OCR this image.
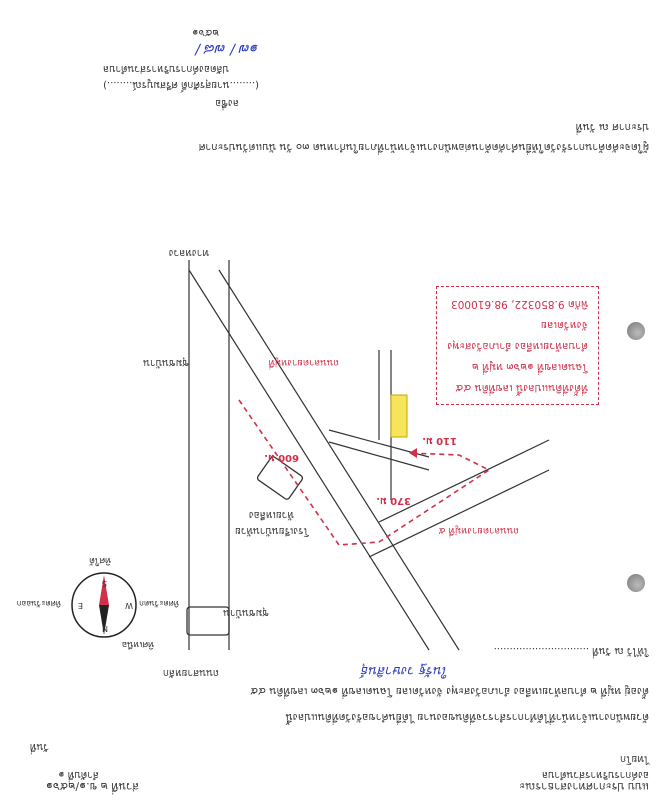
แบบ ประกาศทางสาธารณะ
ส่วนที่ ๒ ข.๑/๒๕๖๑
องค์การบริหารส่วนตำบล
ลำดับที่ ๑
ไทยโก
วันที่
ด้วยพนักงานเจ้าหน้าที่ได้ทำการสำรวจที่ดินของนาย ได้ยื่นคำขอรังวัดที่ดินแปลงนี้
ตั้งอยู่ หมู่ที่ ๒ ตำบลห้วยเหลือง อำเภอวังสะพุง จังหวัดเลย โฉนดเลขที่ ๑๒๖๓ เลขที่ดิน ๔๕
ในรัฐ วงษาสินธุ์
ให้ไว้ ณ วันที่ ..............................
ทิศเหนือ
ทิศใต้
ทิศตะวันออก	ทิศตะวันตก
N
S
E	W
ถนนสายหลัก
ทางหลวง
ชุมชนบ้าน
โรงเรียนบ้านห้วย
ห้วยเหลือง
ชุมชนบ้าน
ถนนลาดยางหมู่ที่ ๕
ถนนลาดยางหมู่ที่
600 ม.
370 ม.
110 ม.
ที่ตั้งที่ดินแปลงนี้ เลขที่ดิน ๔๕
โฉนดเลขที่ ๑๒๖๓ หมู่ที่ ๒
ตำบลห้วยเหลือง อำเภอวังสะพุง
จังหวัดเลย
พิกัด 9.850322, 98.610003
ผู้ใดจะคัดค้านการรังวัดให้ยื่นคำคัดค้านต่อพนักงานเจ้าหน้าที่ภายในกำหนด ๓๐ วัน นับแต่วันประกาศ
ประกาศ ณ วันที่
ลงชื่อ
(........นายสุรศักดิ์ ศรีสมบูรณ์........)
ปลัดองค์การบริหารส่วนตำบล
๑๗ / ๗๘ /
๒๕๖๑
